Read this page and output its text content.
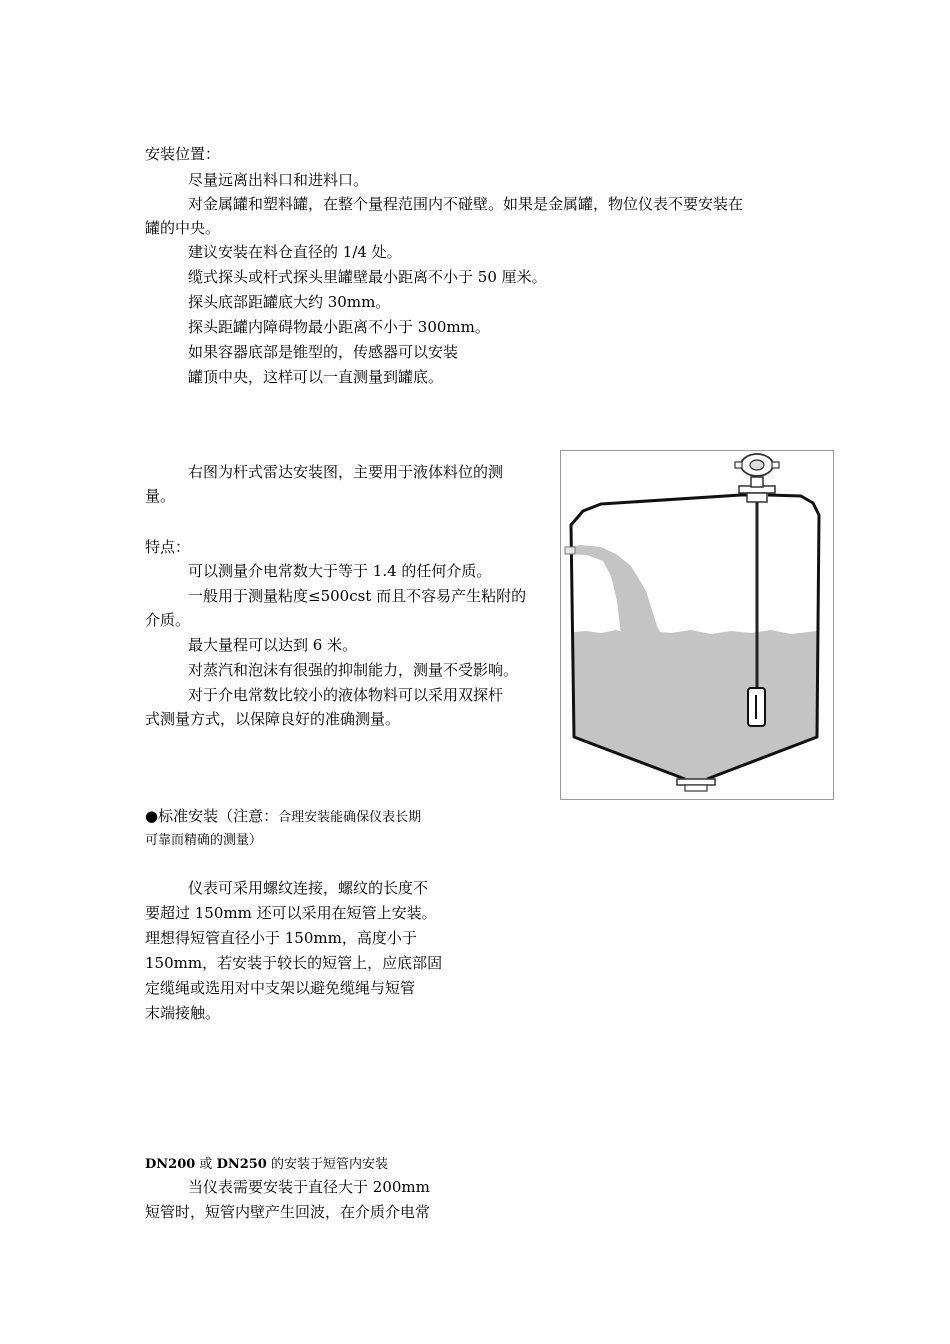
安装位置：
尽量远离出料口和进料口。
对金属罐和塑料罐，在整个量程范围内不碰壁。如果是金属罐，物位仪表不要安装在
罐的中央。
建议安装在料仓直径的 1/4 处。
缆式探头或杆式探头里罐壁最小距离不小于 50 厘米。
探头底部距罐底大约 30mm。
探头距罐内障碍物最小距离不小于 300mm。
如果容器底部是锥型的，传感器可以安装
罐顶中央，这样可以一直测量到罐底。
右图为杆式雷达安装图，主要用于液体料位的测
量。
特点：
可以测量介电常数大于等于 1.4 的任何介质。
一般用于测量粘度≤500cst 而且不容易产生粘附的
介质。
最大量程可以达到 6 米。
对蒸汽和泡沫有很强的抑制能力，测量不受影响。
对于介电常数比较小的液体物料可以采用双探杆
式测量方式，以保障良好的准确测量。
●标准安装（注意：合理安装能确保仪表长期
可靠而精确的测量）
仪表可采用螺纹连接，螺纹的长度不
要超过 150mm 还可以采用在短管上安装。
理想得短管直径小于 150mm，高度小于
150mm，若安装于较长的短管上，应底部固
定缆绳或选用对中支架以避免缆绳与短管
末端接触。
DN200 或 DN250 的安装于短管内安装
当仪表需要安装于直径大于 200mm
短管时，短管内壁产生回波，在介质介电常
